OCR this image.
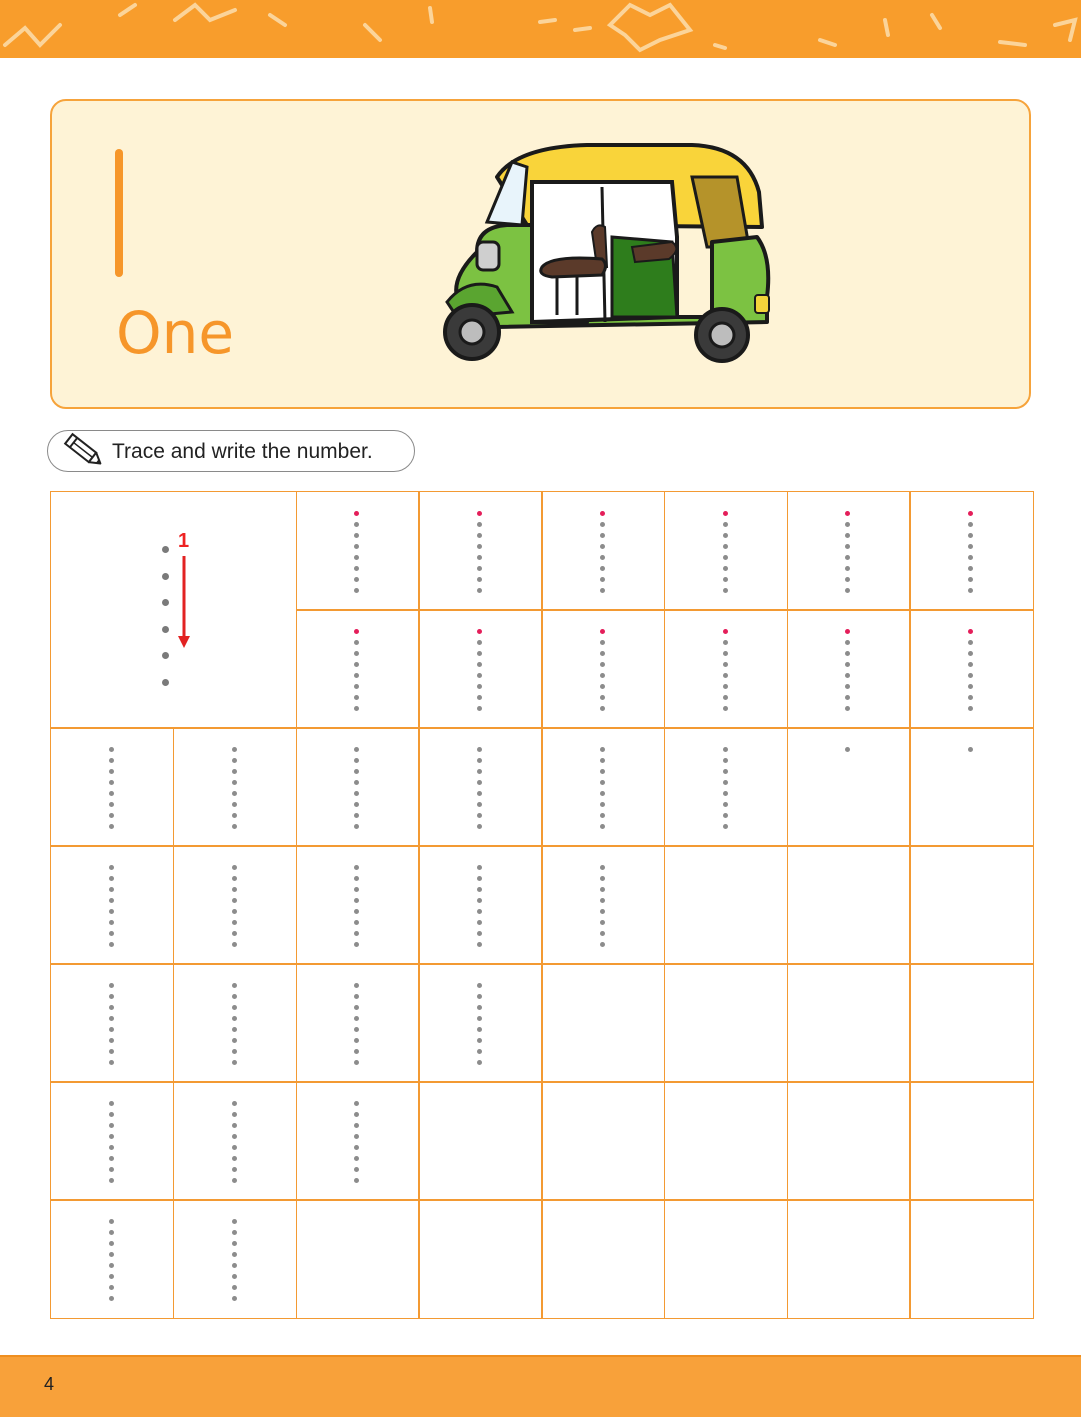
One
Trace and write the number.
1
4
